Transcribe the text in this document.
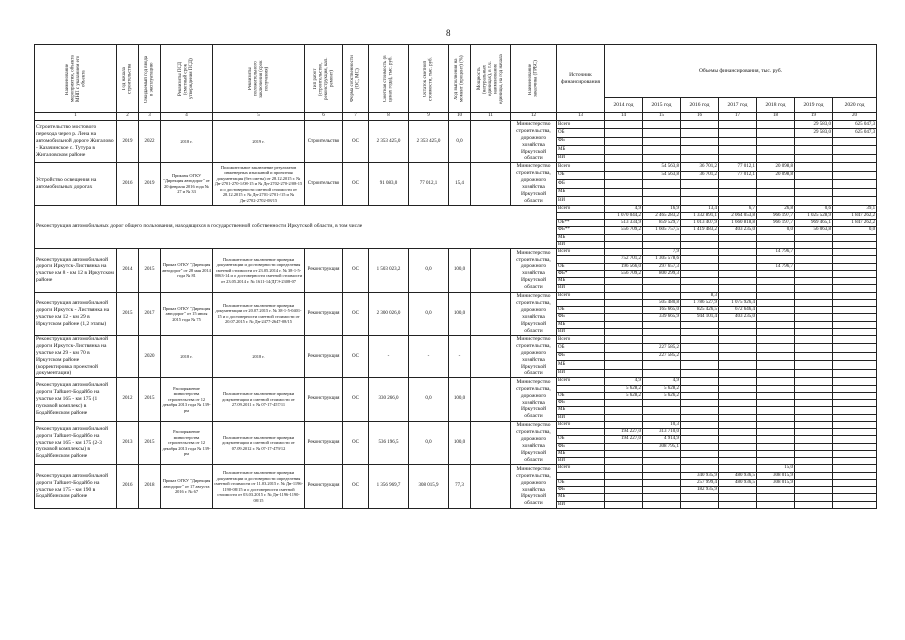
8
Наименование мероприятия, объекта МНП с указанием его объекта	Год начала строительства	Ожидаемый год ввода в эксплуатацию	Реквизиты ПСД (сметный срок утверждения ПСД)	Реквизиты положительного заключения (срок получения)	Тип работ (строительство, реконструкция, кап. ремонт)	Форма собственности (ОС, МС)	Сметная стоимость (в ценах года), тыс. руб.	Остаток сметной стоимости, тыс. руб.	Ход выполнения на момент (процент) (%)	Мощность (натуральных единицах), в т.ч. наименование единицы, на год начала	Наименование заказчика (ГРБС)	Источник финансирования	Объемы финансирования, тыс. руб.						
													2014 год	2015 год	2016 год	2017 год	2018 год	2019 год	2020 год
1	2	3	4	5	6	7	8	9	10	11	12	13	14	15	16	17	18	19	20
Строительство мостового перехода через р. Лена на автомобильной дороге Жигалово - Казачинское с. Тутура в Жигаловском районе	2019	2022	2018 г.	2019 г.	Строительство	ОС	2 353 425,0	2 353 425,0	0,0		Министерство строительства, дорожного хозяйства Иркутской области	Всего						29 583,0	625 047,3
												ОБ						29 583,0	625 047,3
												ФБ							
												МБ							
												ВИ							
Устройство освещения на автомобильных дорогах	2016	2019	Приказы ОГКУ "Дирекция автодорог" от 20 февраля 2016 года № 27 и № 33	Положительное заключение результатов инженерных изысканий и проектная документация (без сметы) от 28.12.2015 г. № Дн-2701-270-1/08-15 и № Дн-2702-270-2/08-15 и о достоверности сметной стоимости от 28.12.2015 г. № Дн-2701-2701-/15 и № Дн-2702-2702-08/15	Строительство	ОС	91 083,0	77 012,1	15,4		Министерство строительства, дорожного хозяйства Иркутской области	Всего		54 563,8	36 701,2	77 012,1	20 098,8		
												ОБ		54 563,8	36 701,2	77 012,1	20 098,8		
												ФБ							
												МБ							
												ВИ							
Реконструкция автомобильных дорог общего пользования, находящихся в государственной собственности Иркутской области, в том числе												Всего	4,9	16,9	13,4	6,7	26,8	0,6	39,1
													1 070 044,2	2 465 283,2	1 332 891,1	2 064 053,8	966 197,7	1 025 528,9	1 847 262,2
												ОБ**	513 334,9	859 529,7	1 013 407,9	1 660 818,8	966 197,7	969 465,1	1 847 262,2
												ФБ**	556 709,2	1 605 757,5	1 419 483,2	403 235,0	0,0	56 063,8	0,0
												МБ							
												ВИ							
Реконструкция автомобильной дороги Иркутск-Листвянка на участке км 8 - км 12 в Иркутском районе	2014	2015	Приказ ОГКУ "Дирекция автодорог" от 28 мая 2014 года № 81	Положительное заключение проверки документации и достоверности определения сметной стоимости от 23.05.2014 г. № 38-1-5-0063-14 и о достоверности сметной стоимости от 23.05.2014 г. № 1611-14/ДГЭ-2308-07	Реконструкция	ОС	1 503 023,2	0,0	100,0		Министерство строительства, дорожного хозяйства Иркутской области	Всего		7,9			14 796,7		
													752 701,2	1 305 578,6					
												ОБ	196 566,0	297 657,3			14 796,7		
												ФБ*	556 709,2	800 299,3					
												МБ							
												ВИ							
Реконструкция автомобильной дороги Иркутск - Листвянка на участке км 12 - км 29 в Иркутском районе (1,2 этапы)	2015	2017	Приказ ОГКУ "Дирекция автодорог" от 15 июля 2015 года № 75	Положительное заключение проверки документации от 20.07.2015 г. № 38-1-5-0401-15 и о достоверности сметной стоимости от 20.07.2015 г. № Дн-2477-2647-08/15	Реконструкция	ОС	2 300 026,0	0,0	100,0		Министерство строительства, дорожного хозяйства Иркутской области	Всего			8,3				
														505 480,8	1 786 527,9	1 075 926,4			
												ОБ		165 665,0	825 426,5	672 646,4			
												ФБ		339 665,9	944 101,4	403 235,0			
												МБ							
												ВИ							
Реконструкция автомобильной дороги Иркутск-Листвянка на участке км 29 - км 70 в Иркутском районе (корректировка проектной документации)		2020	2018 г.	2018 г.	Реконструкция	ОС	-	-	-		Министерство строительства, дорожного хозяйства Иркутской области	Всего							
												ОБ		227 585,2					
												ФБ		227 585,2					
												МБ							
												ВИ							
Реконструкция автомобильной дороги Тайшет-Бодайбо на участке км 165 - км 175 (1 пусковой комплекс) в Бодайбинском районе	2012	2015	Распоряжение министерства строительства от 12 декабря 2013 года № 139-рм	Положительное заключение проверки документации и сметной стоимости от 27.09.2011 г. № 07-17-457/11	Реконструкция	ОС	330 266,0	0,0	100,0		Министерство строительства, дорожного хозяйства Иркутской области	Всего	4,9	4,9					
													5 628,2	5 628,2					
												ОБ	5 628,2	5 626,2					
												ФБ							
												МБ							
												ВИ							
Реконструкция автомобильной дороги Тайшет-Бодайбо на участке км 165 - км 175 (2-3 пусковой комплексы) в Бодайбинском районе	2013	2015	Распоряжение министерства строительства от 12 декабря 2013 года № 139-рм	Положительное заключение проверки документации и сметной стоимости от 07.09.2012 г. № 07-17-479/12	Реконструкция	ОС	536 196,5	0,0	100,0		Министерство строительства, дорожного хозяйства Иркутской области	Всего		10,3					
													194 227,0	313 710,0					
												ОБ	194 227,0	4 914,9					
												ФБ		308 795,1					
												МБ							
												ВИ							
Реконструкция автомобильной дороги Тайшет-Бодайбо на участке км 175 - км 190 в Бодайбинском районе	2016	2018	Приказ ОГКУ "Дирекция автодорог" от 17 августа 2016 г. № 67	Положительное заключение проверки документации и достоверности определения сметной стоимости от 11.03.2015 г. № Дн-1196-1190-08/15 и о достоверности сметной стоимости от 03.03.2015 г. № Дн-1196-1190-08/15	Реконструкция	ОС	1 356 969,7	308 015,9	77,3		Министерство строительства, дорожного хозяйства Иркутской области	Всего					15,0		
															340 935,9	480 936,5	308 015,9		
												ОБ			257 999,4	480 936,5	308 015,9		
												ФБ			182 935,9				
												МБ							
												ВИ							
